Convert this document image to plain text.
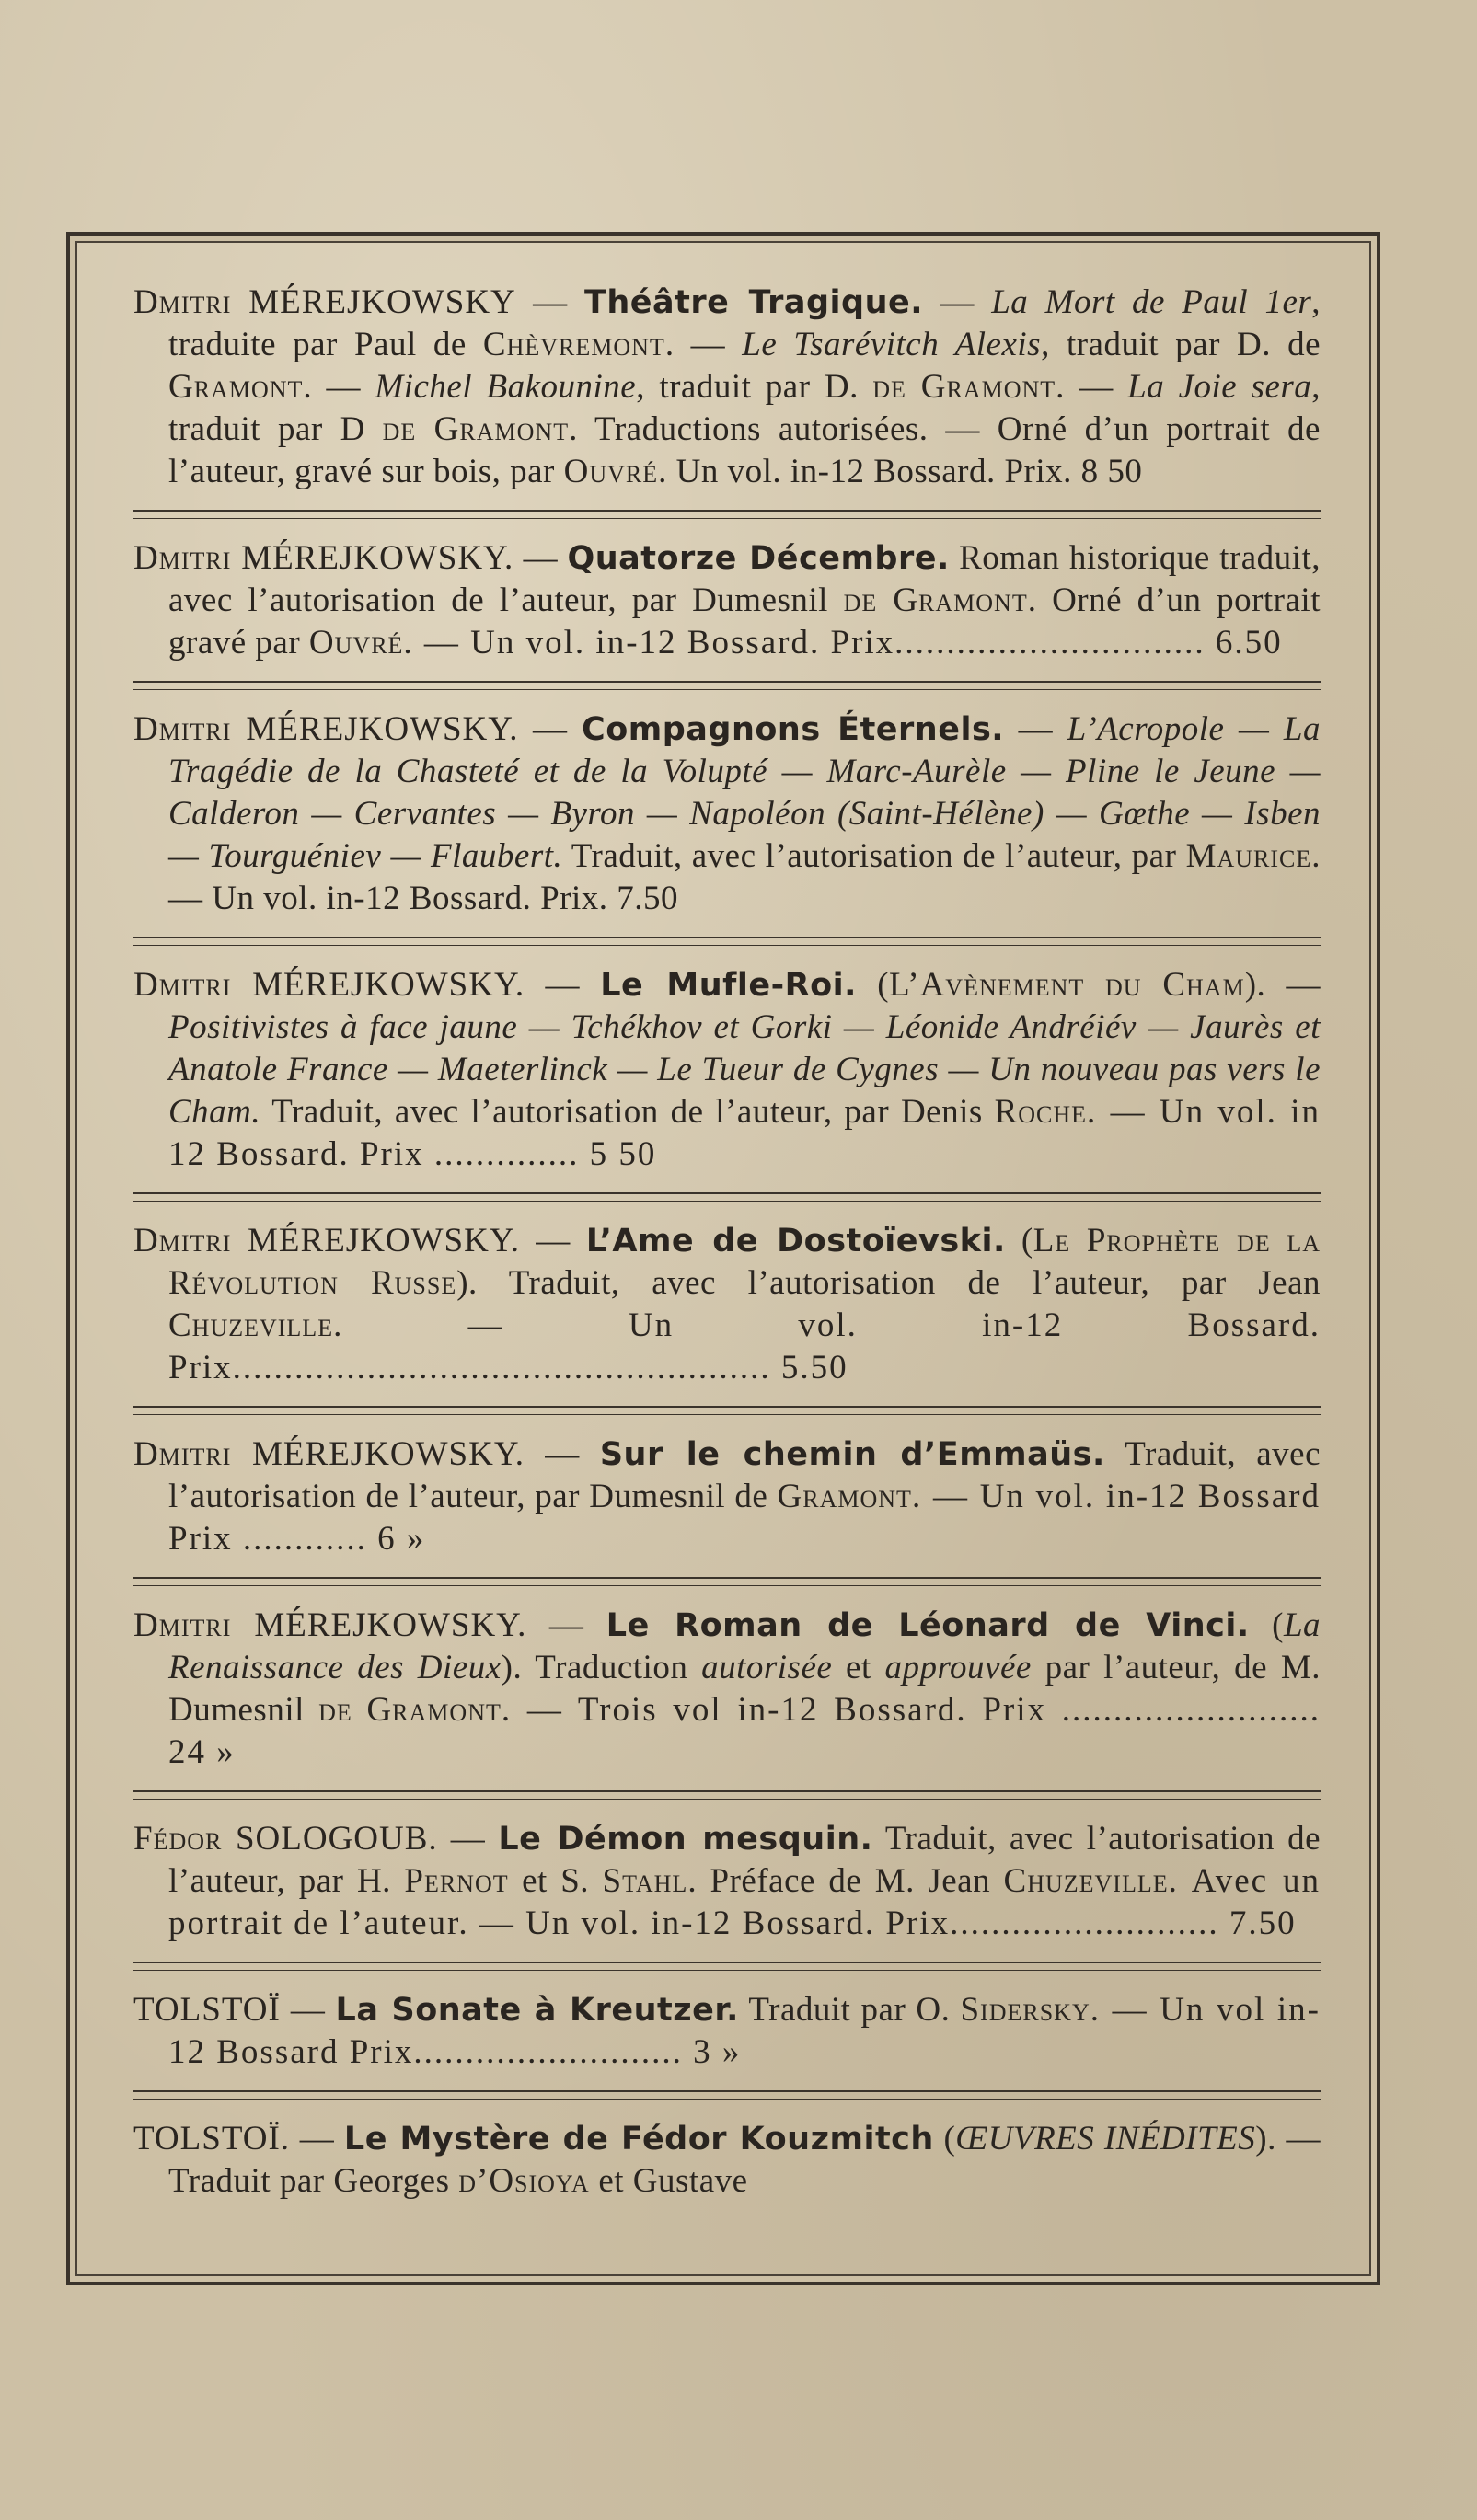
Dmitri MÉREJKOWSKY — Théâtre Tragique. — La Mort de Paul 1er, traduite par Paul de Chèvremont. — Le Tsarévitch Alexis, traduit par D. de Gramont. — Michel Bakounine, traduit par D. de Gramont. — La Joie sera, traduit par D de Gramont. Traductions autorisées. — Orné d’un portrait de l’auteur, gravé sur bois, par Ouvré. Un vol. in-12 Bossard. Prix. 8 50

Dmitri MÉREJKOWSKY. — Quatorze Décembre. Roman historique traduit, avec l’autorisation de l’auteur, par Dumesnil de Gramont. Orné d’un portrait gravé par Ouvré. — Un vol. in-12 Bossard. Prix.............................. 6.50

Dmitri MÉREJKOWSKY. — Compagnons Éternels. — L’Acropole — La Tragédie de la Chasteté et de la Volupté — Marc-Aurèle — Pline le Jeune — Calderon — Cervantes — Byron — Napoléon (Saint-Hélène) — Gœthe — Isben — Tourguéniev — Flaubert. Traduit, avec l’autorisation de l’auteur, par Maurice. — Un vol. in-12 Bossard. Prix. 7.50

Dmitri MÉREJKOWSKY. — Le Mufle-Roi. (L’Avènement du Cham). — Positivistes à face jaune — Tchékhov et Gorki — Léonide Andréiév — Jaurès et Anatole France — Maeterlinck — Le Tueur de Cygnes — Un nouveau pas vers le Cham. Traduit, avec l’autorisation de l’auteur, par Denis Roche. — Un vol. in 12 Bossard. Prix .............. 5 50

Dmitri MÉREJKOWSKY. — L’Ame de Dostoïevski. (Le Prophète de la Révolution Russe). Traduit, avec l’autorisation de l’auteur, par Jean Chuzeville. — Un vol. in-12 Bossard. Prix.................................................... 5.50

Dmitri MÉREJKOWSKY. — Sur le chemin d’Emmaüs. Traduit, avec l’autorisation de l’auteur, par Dumesnil de Gramont. — Un vol. in-12 Bossard Prix ............ 6 »

Dmitri MÉREJKOWSKY. — Le Roman de Léonard de Vinci. (La Renaissance des Dieux). Traduction autorisée et approuvée par l’auteur, de M. Dumesnil de Gramont. — Trois vol in-12 Bossard. Prix ......................... 24 »

Fédor SOLOGOUB. — Le Démon mesquin. Traduit, avec l’autorisation de l’auteur, par H. Pernot et S. Stahl. Préface de M. Jean Chuzeville. Avec un portrait de l’auteur. — Un vol. in-12 Bossard. Prix.......................... 7.50

TOLSTOÏ — La Sonate à Kreutzer. Traduit par O. Sidersky. — Un vol in-12 Bossard Prix.......................... 3 »

TOLSTOÏ. — Le Mystère de Fédor Kouzmitch (ŒUVRES INÉDITES). — Traduit par Georges d’Osioya et Gustave
